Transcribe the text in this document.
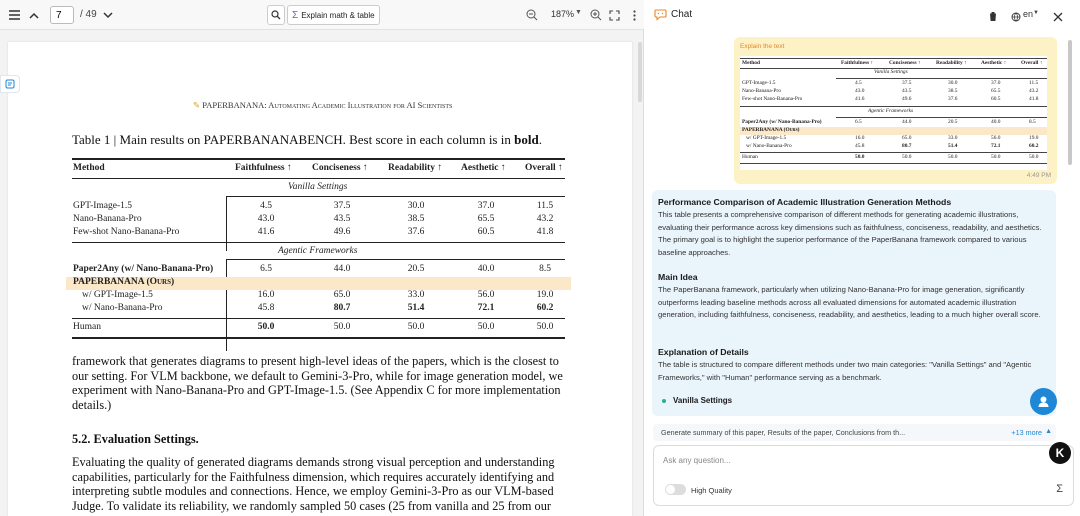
7
/ 49	Σ Explain math & table	187% ▼
✎ PAPERBANANA: Automating Academic Illustration for AI Scientists
Table 1 | Main results on PAPERBANANABENCH. Best score in each column is in bold.
Method	Faithfulness ↑ Conciseness ↑ Readability ↑ Aesthetic ↑ Overall ↑
Vanilla Settings
GPT-Image-1.5	4.5	37.5	30.0	37.0	11.5
Nano-Banana-Pro	43.0	43.5	38.5	65.5	43.2
Few-shot Nano-Banana-Pro	41.6	49.6	37.6	60.5	41.8
Agentic Frameworks
Paper2Any (w/ Nano-Banana-Pro)	6.5	44.0	20.5	40.0	8.5
PAPERBANANA (Ours)
w/ GPT-Image-1.5	16.0	65.0	33.0	56.0	19.0
w/ Nano-Banana-Pro	45.8	80.7	51.4	72.1	60.2
Human	50.0	50.0	50.0	50.0	50.0
framework that generates diagrams to present high-level ideas of the papers, which is the closest to our setting. For VLM backbone, we default to Gemini-3-Pro, while for image generation model, we experiment with Nano-Banana-Pro and GPT-Image-1.5. (See Appendix C for more implementation details.)
5.2. Evaluation Settings.
Evaluating the quality of generated diagrams demands strong visual perception and understanding capabilities, particularly for the Faithfulness dimension, which requires accurately identifying and interpreting subtle modules and connections. Hence, we employ Gemini-3-Pro as our VLM-based Judge. To validate its reliability, we randomly sampled 50 cases (25 from vanilla and 25 from our
Chat	en ▼
Explain the text
Method	Faithfulness ↑	Conciseness ↑	Readability ↑	Aesthetic ↑	Overall ↑
Vanilla Settings
GPT-Image-1.5	4.5	37.5	30.0	37.0	11.5
Nano-Banana-Pro	43.0	43.5	38.5	65.5	43.2
Few-shot Nano-Banana-Pro	41.6	49.6	37.6	60.5	41.8
Agentic Frameworks
Paper2Any (w/ Nano-Banana-Pro)	6.5	44.0	20.5	40.0	8.5
PAPERBANANA (Ours)
w/ GPT-Image-1.5	16.0	65.0	33.0	56.0	19.0
w/ Nano-Banana-Pro	45.8	80.7	51.4	72.1	60.2
Human	50.0	50.0	50.0	50.0	50.0
4:49 PM
Performance Comparison of Academic Illustration Generation Methods
This table presents a comprehensive comparison of different methods for generating academic illustrations, evaluating their performance across key dimensions such as faithfulness, conciseness, readability, and aesthetics. The primary goal is to highlight the superior performance of the PaperBanana framework compared to various baseline approaches.
Main Idea
The PaperBanana framework, particularly when utilizing Nano-Banana-Pro for image generation, significantly outperforms leading baseline methods across all evaluated dimensions for automated academic illustration generation, including faithfulness, conciseness, readability, and aesthetics, leading to a much higher overall score.
Explanation of Details
The table is structured to compare different methods under two main categories: "Vanilla Settings" and "Agentic Frameworks," with "Human" performance serving as a benchmark.
Vanilla Settings
Generate summary of this paper, Results of the paper, Conclusions from th...	+13 more ▲
Ask any question...
High Quality	Σ
K
